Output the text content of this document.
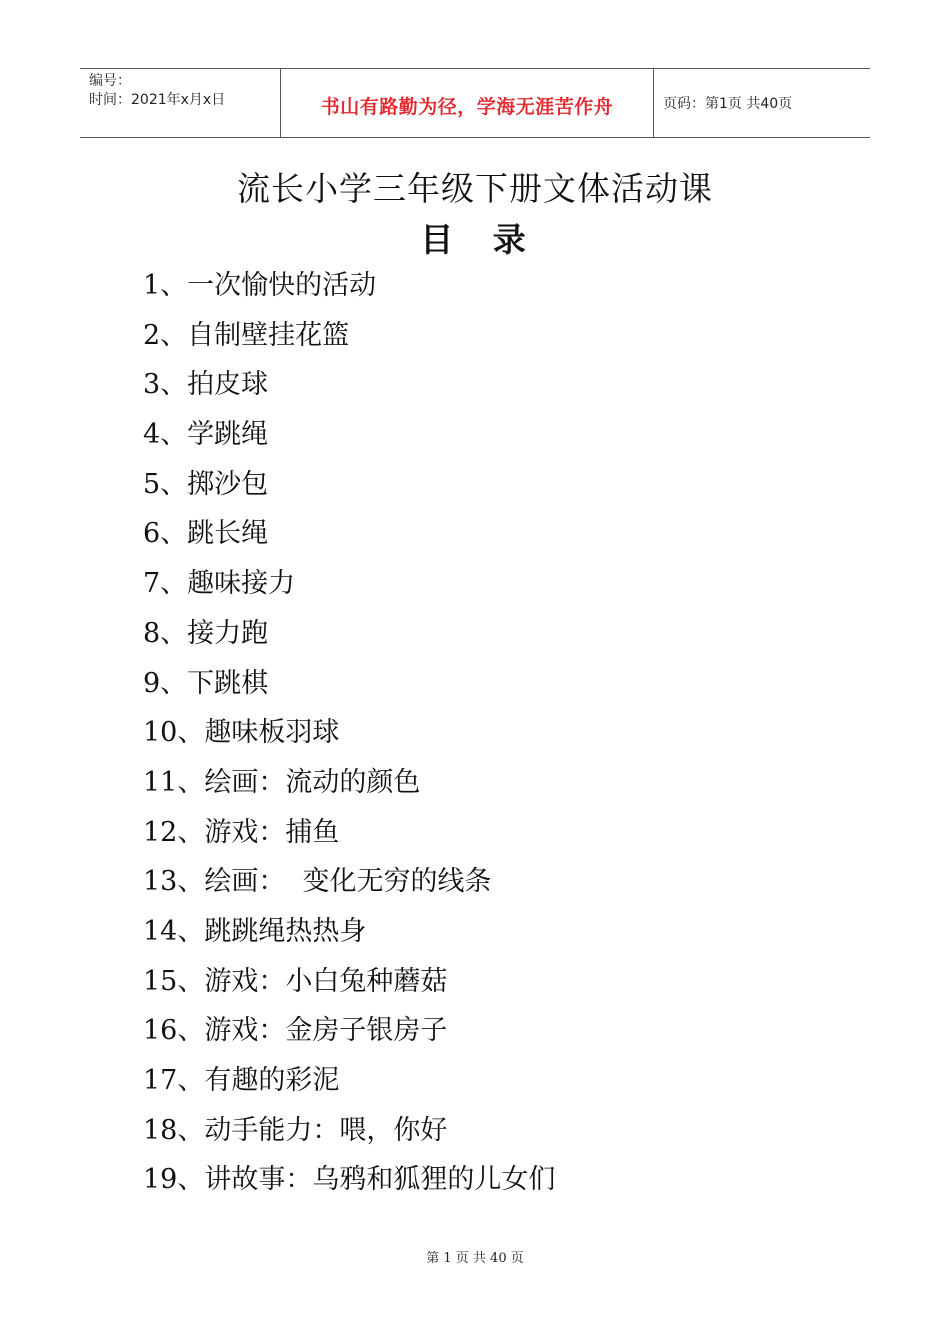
编号：
时间：2021年x月x日	书山有路勤为径，学海无涯苦作舟	页码：第1页 共40页
流长小学三年级下册文体活动课
目 录
1、一次愉快的活动
2、自制壁挂花篮
3、拍皮球
4、学跳绳
5、掷沙包
6、跳长绳
7、趣味接力
8、接力跑
9、下跳棋
10、趣味板羽球
11、绘画：流动的颜色
12、游戏：捕鱼
13、绘画：  变化无穷的线条
14、跳跳绳热热身
15、游戏：小白兔种蘑菇
16、游戏：金房子银房子
17、有趣的彩泥
18、动手能力：喂，你好
19、讲故事：乌鸦和狐狸的儿女们
第 1 页 共 40 页
